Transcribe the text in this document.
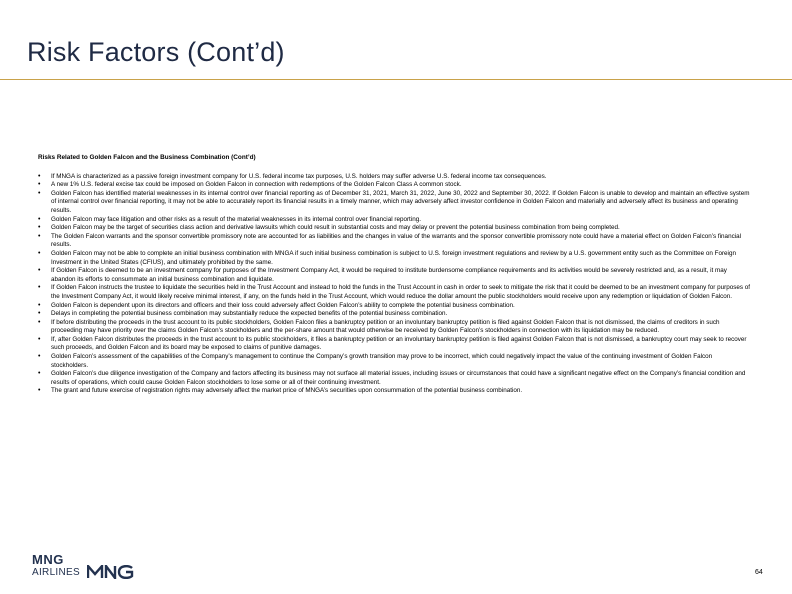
Risk Factors (Cont’d)
Risks Related to Golden Falcon and the Business Combination (Cont’d)
• If MNGA is characterized as a passive foreign investment company for U.S. federal income tax purposes, U.S. holders may suffer adverse U.S. federal income tax consequences.
• A new 1% U.S. federal excise tax could be imposed on Golden Falcon in connection with redemptions of the Golden Falcon Class A common stock.
• Golden Falcon has identified material weaknesses in its internal control over financial reporting as of December 31, 2021, March 31, 2022, June 30, 2022 and September 30, 2022. If Golden Falcon is unable to develop and maintain an effective system of internal control over financial reporting, it may not be able to accurately report its financial results in a timely manner, which may adversely affect investor confidence in Golden Falcon and materially and adversely affect its business and operating results.
• Golden Falcon may face litigation and other risks as a result of the material weaknesses in its internal control over financial reporting.
• Golden Falcon may be the target of securities class action and derivative lawsuits which could result in substantial costs and may delay or prevent the potential business combination from being completed.
• The Golden Falcon warrants and the sponsor convertible promissory note are accounted for as liabilities and the changes in value of the warrants and the sponsor convertible promissory note could have a material effect on Golden Falcon’s financial results.
• Golden Falcon may not be able to complete an initial business combination with MNGA if such initial business combination is subject to U.S. foreign investment regulations and review by a U.S. government entity such as the Committee on Foreign Investment in the United States (CFIUS), and ultimately prohibited by the same.
• If Golden Falcon is deemed to be an investment company for purposes of the Investment Company Act, it would be required to institute burdensome compliance requirements and its activities would be severely restricted and, as a result, it may abandon its efforts to consummate an initial business combination and liquidate.
• If Golden Falcon instructs the trustee to liquidate the securities held in the Trust Account and instead to hold the funds in the Trust Account in cash in order to seek to mitigate the risk that it could be deemed to be an investment company for purposes of the Investment Company Act, it would likely receive minimal interest, if any, on the funds held in the Trust Account, which would reduce the dollar amount the public stockholders would receive upon any redemption or liquidation of Golden Falcon.
• Golden Falcon is dependent upon its directors and officers and their loss could adversely affect Golden Falcon’s ability to complete the potential business combination.
• Delays in completing the potential business combination may substantially reduce the expected benefits of the potential business combination.
• If before distributing the proceeds in the trust account to its public stockholders, Golden Falcon files a bankruptcy petition or an involuntary bankruptcy petition is filed against Golden Falcon that is not dismissed, the claims of creditors in such proceeding may have priority over the claims Golden Falcon’s stockholders and the per-share amount that would otherwise be received by Golden Falcon’s stockholders in connection with its liquidation may be reduced.
• If, after Golden Falcon distributes the proceeds in the trust account to its public stockholders, it files a bankruptcy petition or an involuntary bankruptcy petition is filed against Golden Falcon that is not dismissed, a bankruptcy court may seek to recover such proceeds, and Golden Falcon and its board may be exposed to claims of punitive damages.
• Golden Falcon’s assessment of the capabilities of the Company’s management to continue the Company’s growth transition may prove to be incorrect, which could negatively impact the value of the continuing investment of Golden Falcon stockholders.
• Golden Falcon’s due diligence investigation of the Company and factors affecting its business may not surface all material issues, including issues or circumstances that could have a significant negative effect on the Company’s financial condition and results of operations, which could cause Golden Falcon stockholders to lose some or all of their continuing investment.
• The grant and future exercise of registration rights may adversely affect the market price of MNGA’s securities upon consummation of the potential business combination.
MNG
AIRLINES	64
